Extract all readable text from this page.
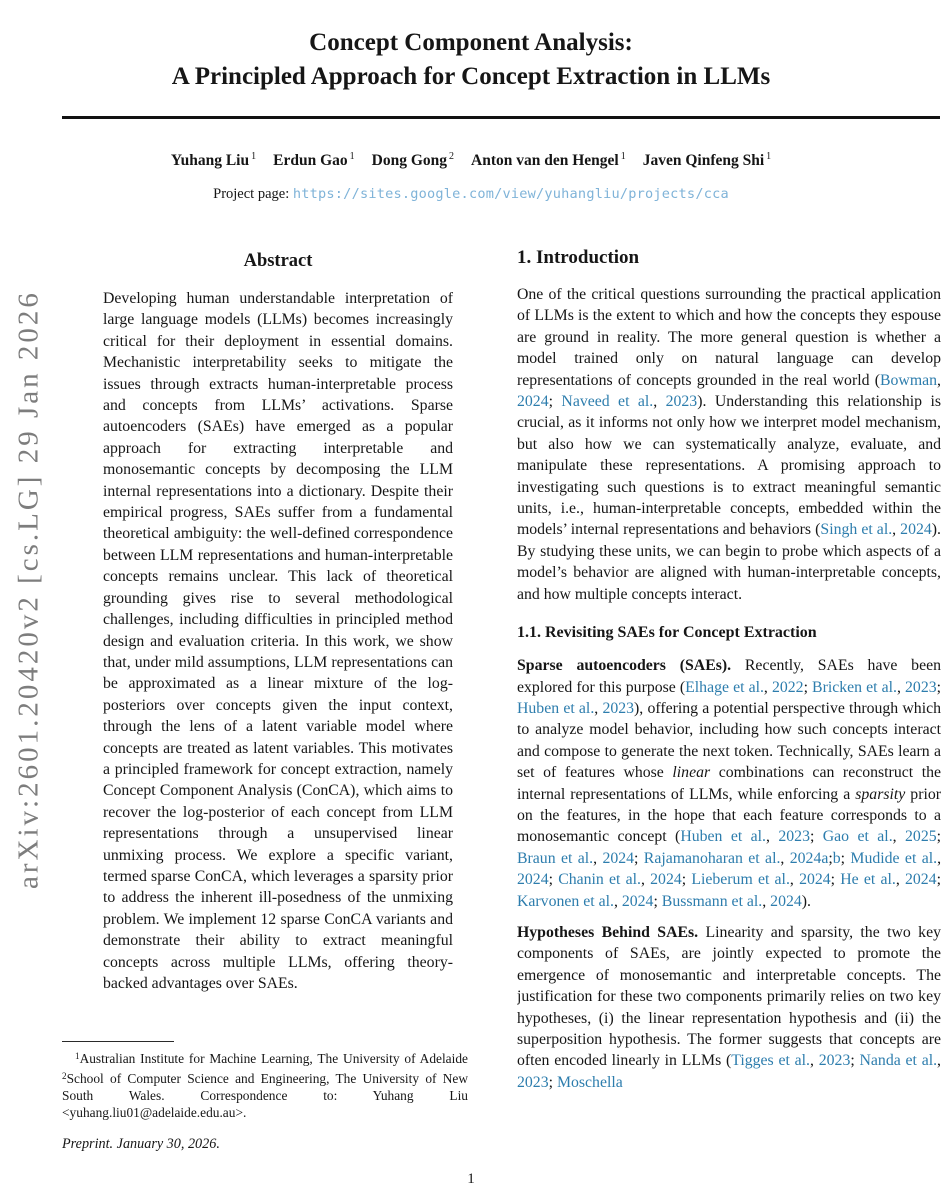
arXiv:2601.20420v2 [cs.LG] 29 Jan 2026
Concept Component Analysis:
A Principled Approach for Concept Extraction in LLMs
Yuhang Liu $^1$ Erdun Gao $^1$ Dong Gong $^2$ Anton van den Hengel $^1$ Javen Qinfeng Shi $^1$
Project page: https://sites.google.com/view/yuhangliu/projects/cca
Abstract

Developing human understandable interpretation of large language models (LLMs) becomes increasingly critical for their deployment in essential domains. Mechanistic interpretability seeks to mitigate the issues through extracts human-interpretable process and concepts from LLMs’ activations. Sparse autoencoders (SAEs) have emerged as a popular approach for extracting interpretable and monosemantic concepts by decomposing the LLM internal representations into a dictionary. Despite their empirical progress, SAEs suffer from a fundamental theoretical ambiguity: the well-defined correspondence between LLM representations and human-interpretable concepts remains unclear. This lack of theoretical grounding gives rise to several methodological challenges, including difficulties in principled method design and evaluation criteria. In this work, we show that, under mild assumptions, LLM representations can be approximated as a linear mixture of the log-posteriors over concepts given the input context, through the lens of a latent variable model where concepts are treated as latent variables. This motivates a principled framework for concept extraction, namely Concept Component Analysis (ConCA), which aims to recover the log-posterior of each concept from LLM representations through a unsupervised linear unmixing process. We explore a specific variant, termed sparse ConCA, which leverages a sparsity prior to address the inherent ill-posedness of the unmixing problem. We implement 12 sparse ConCA variants and demonstrate their ability to extract meaningful concepts across multiple LLMs, offering theory-backed advantages over SAEs.

$^1$Australian Institute for Machine Learning, The University of Adelaide $^2$School of Computer Science and Engineering, The University of New South Wales. Correspondence to: Yuhang Liu <yuhang.liu01@adelaide.edu.au>.

Preprint. January 30, 2026.

1. Introduction

One of the critical questions surrounding the practical application of LLMs is the extent to which and how the concepts they espouse are ground in reality. The more general question is whether a model trained only on natural language can develop representations of concepts grounded in the real world (Bowman, 2024; Naveed et al., 2023). Understanding this relationship is crucial, as it informs not only how we interpret model mechanism, but also how we can systematically analyze, evaluate, and manipulate these representations. A promising approach to investigating such questions is to extract meaningful semantic units, i.e., human-interpretable concepts, embedded within the models’ internal representations and behaviors (Singh et al., 2024). By studying these units, we can begin to probe which aspects of a model’s behavior are aligned with human-interpretable concepts, and how multiple concepts interact.

1.1. Revisiting SAEs for Concept Extraction

Sparse autoencoders (SAEs). Recently, SAEs have been explored for this purpose (Elhage et al., 2022; Bricken et al., 2023; Huben et al., 2023), offering a potential perspective through which to analyze model behavior, including how such concepts interact and compose to generate the next token. Technically, SAEs learn a set of features whose linear combinations can reconstruct the internal representations of LLMs, while enforcing a sparsity prior on the features, in the hope that each feature corresponds to a monosemantic concept (Huben et al., 2023; Gao et al., 2025; Braun et al., 2024; Rajamanoharan et al., 2024a;b; Mudide et al., 2024; Chanin et al., 2024; Lieberum et al., 2024; He et al., 2024; Karvonen et al., 2024; Bussmann et al., 2024).

Hypotheses Behind SAEs. Linearity and sparsity, the two key components of SAEs, are jointly expected to promote the emergence of monosemantic and interpretable concepts. The justification for these two components primarily relies on two key hypotheses, (i) the linear representation hypothesis and (ii) the superposition hypothesis. The former suggests that concepts are often encoded linearly in LLMs (Tigges et al., 2023; Nanda et al., 2023; Moschella

1
